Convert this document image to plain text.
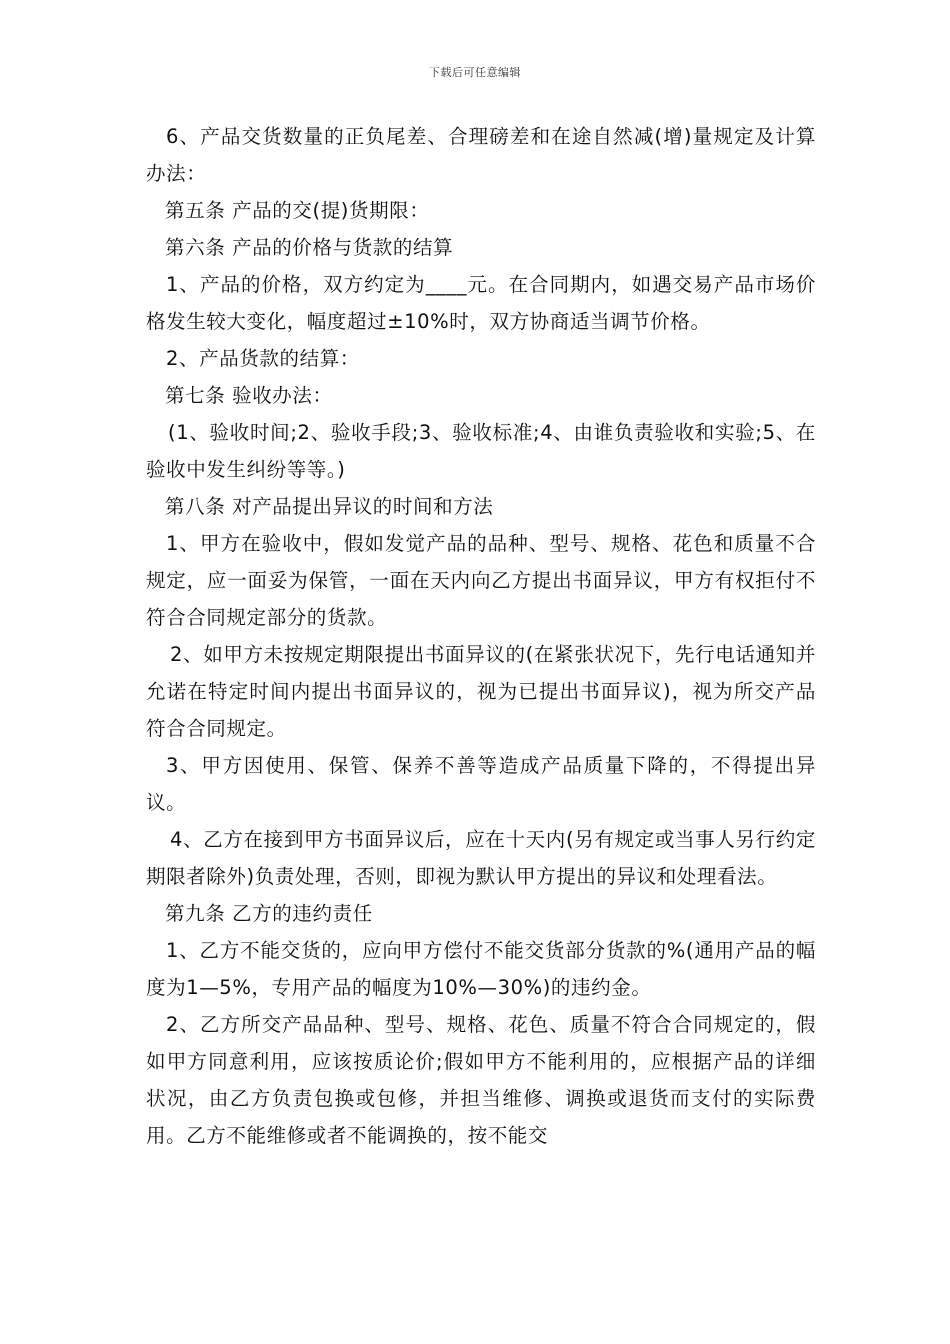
下载后可任意编辑

6、产品交货数量的正负尾差、合理磅差和在途自然减(增)量规定及计算办法：

第五条 产品的交(提)货期限：

第六条 产品的价格与货款的结算

1、产品的价格，双方约定为____元。在合同期内，如遇交易产品市场价格发生较大变化，幅度超过±10%时，双方协商适当调节价格。

2、产品货款的结算：

第七条 验收办法：

(1、验收时间;2、验收手段;3、验收标准;4、由谁负责验收和实验;5、在验收中发生纠纷等等。)

第八条 对产品提出异议的时间和方法

1、甲方在验收中，假如发觉产品的品种、型号、规格、花色和质量不合规定，应一面妥为保管，一面在天内向乙方提出书面异议，甲方有权拒付不符合合同规定部分的货款。

2、如甲方未按规定期限提出书面异议的(在紧张状况下，先行电话通知并允诺在特定时间内提出书面异议的，视为已提出书面异议)，视为所交产品符合合同规定。

3、甲方因使用、保管、保养不善等造成产品质量下降的，不得提出异议。

4、乙方在接到甲方书面异议后，应在十天内(另有规定或当事人另行约定期限者除外)负责处理，否则，即视为默认甲方提出的异议和处理看法。

第九条 乙方的违约责任

1、乙方不能交货的，应向甲方偿付不能交货部分货款的%(通用产品的幅度为1—5%，专用产品的幅度为10%—30%)的违约金。

2、乙方所交产品品种、型号、规格、花色、质量不符合合同规定的，假如甲方同意利用，应该按质论价;假如甲方不能利用的，应根据产品的详细状况，由乙方负责包换或包修，并担当维修、调换或退货而支付的实际费用。乙方不能维修或者不能调换的，按不能交
